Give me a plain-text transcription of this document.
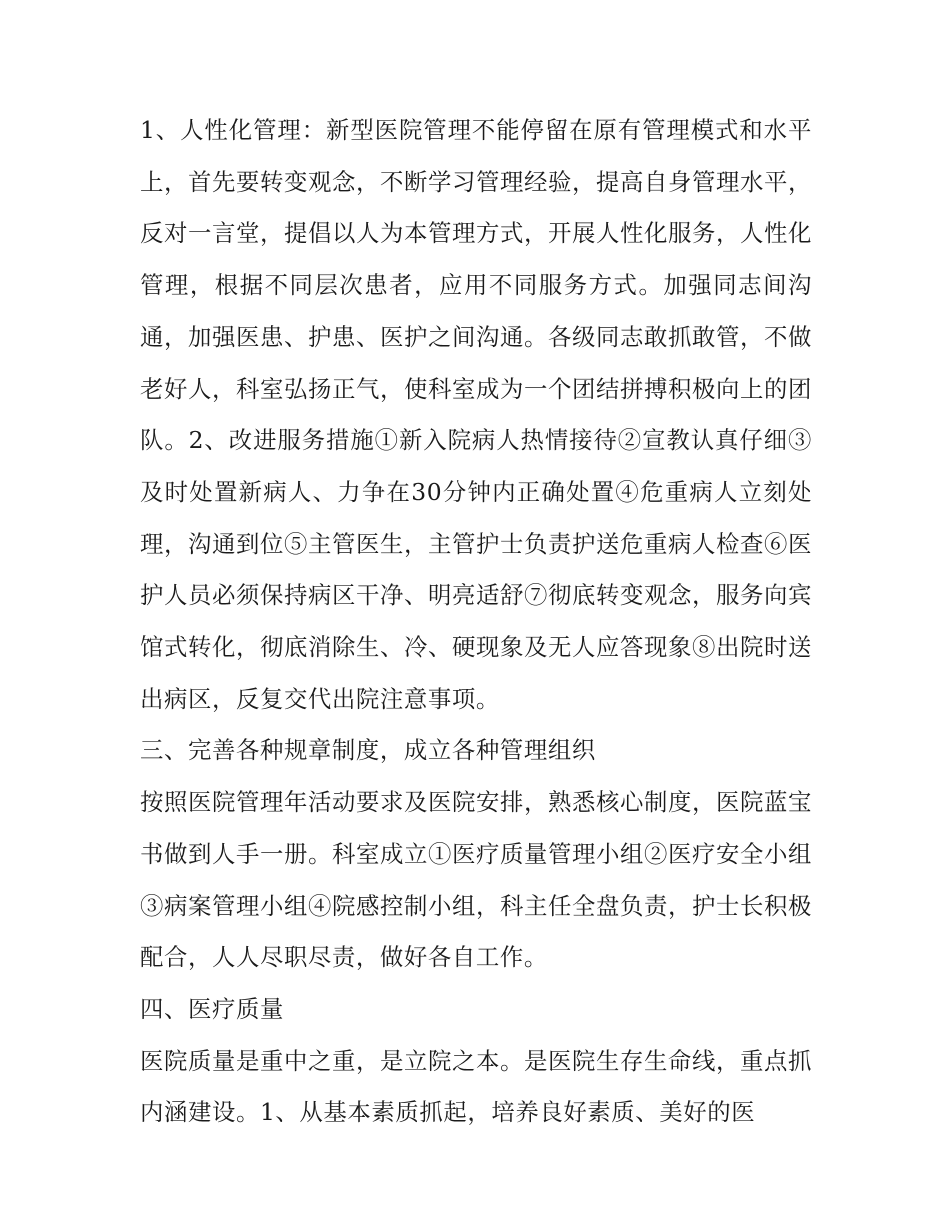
1、人性化管理：新型医院管理不能停留在原有管理模式和水平上，首先要转变观念，不断学习管理经验，提高自身管理水平，反对一言堂，提倡以人为本管理方式，开展人性化服务，人性化管理，根据不同层次患者，应用不同服务方式。加强同志间沟通，加强医患、护患、医护之间沟通。各级同志敢抓敢管，不做老好人，科室弘扬正气，使科室成为一个团结拼搏积极向上的团队。2、改进服务措施①新入院病人热情接待②宣教认真仔细③及时处置新病人、力争在30分钟内正确处置④危重病人立刻处理，沟通到位⑤主管医生，主管护士负责护送危重病人检查⑥医护人员必须保持病区干净、明亮适舒⑦彻底转变观念，服务向宾馆式转化，彻底消除生、冷、硬现象及无人应答现象⑧出院时送出病区，反复交代出院注意事项。

三、完善各种规章制度，成立各种管理组织

按照医院管理年活动要求及医院安排，熟悉核心制度，医院蓝宝书做到人手一册。科室成立①医疗质量管理小组②医疗安全小组③病案管理小组④院感控制小组，科主任全盘负责，护士长积极配合，人人尽职尽责，做好各自工作。

四、医疗质量

医院质量是重中之重，是立院之本。是医院生存生命线，重点抓内涵建设。1、从基本素质抓起，培养良好素质、美好的医
